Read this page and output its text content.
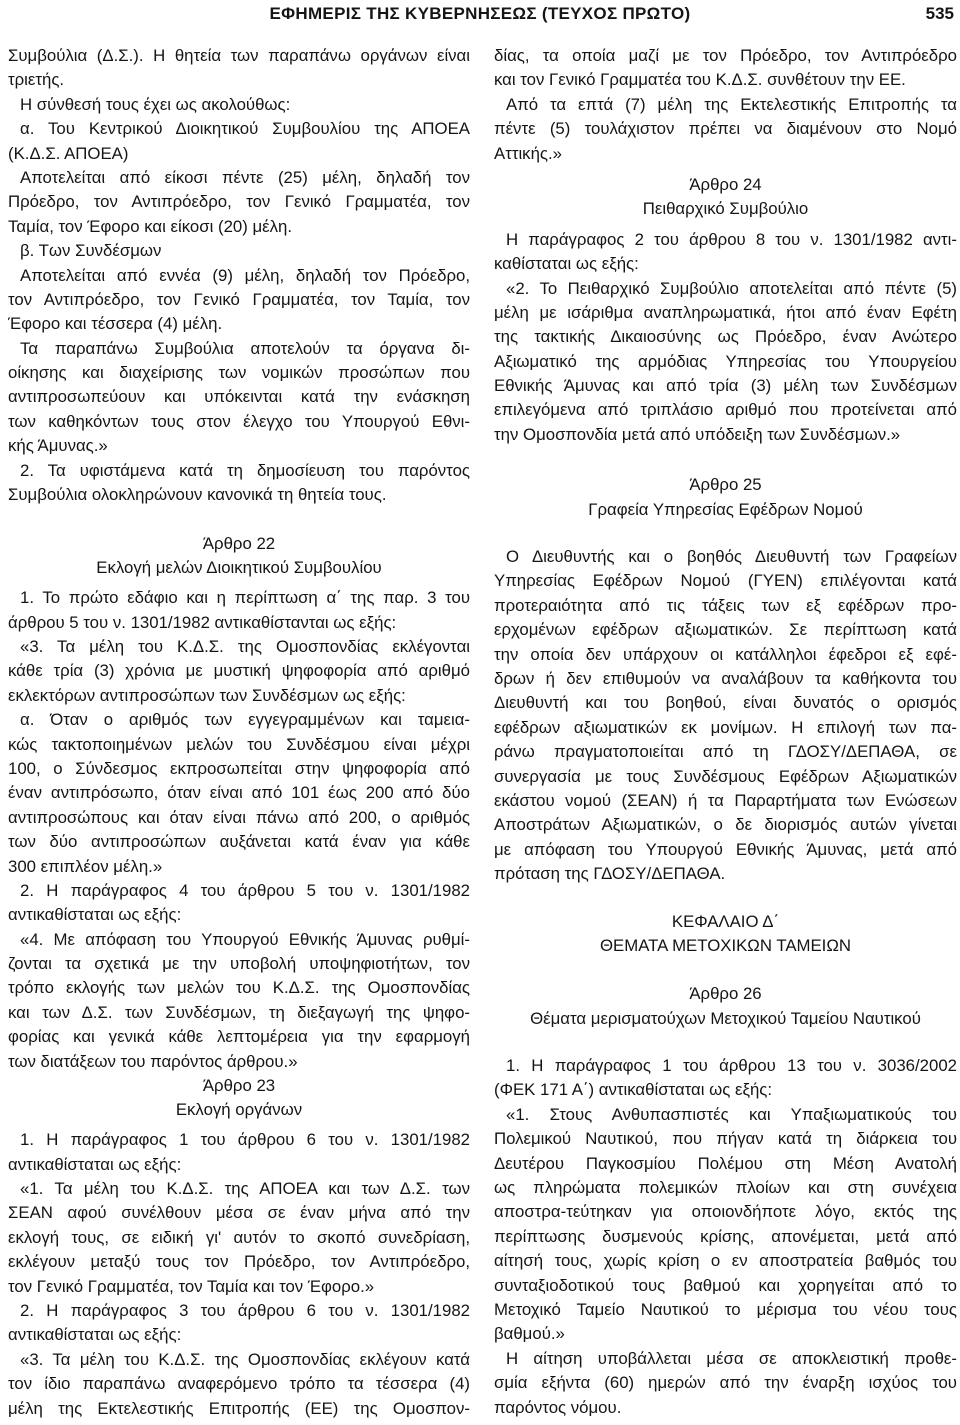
ΕΦΗΜΕΡΙΣ ΤΗΣ ΚΥΒΕΡΝΗΣΕΩΣ (ΤΕΥΧΟΣ ΠΡΩΤΟ)	535
Συμβούλια (Δ.Σ.). Η θητεία των παραπάνω οργάνων είναι
τριετής.
Η σύνθεσή τους έχει ως ακολούθως:
α. Του Κεντρικού Διοικητικού Συμβουλίου της ΑΠΟΕΑ
(Κ.Δ.Σ. ΑΠΟΕΑ)
Αποτελείται από είκοσι πέντε (25) μέλη, δηλαδή τον
Πρόεδρο, τον Αντιπρόεδρο, τον Γενικό Γραμματέα, τον
Ταμία, τον Έφορο και είκοσι (20) μέλη.
β. Των Συνδέσμων
Αποτελείται από εννέα (9) μέλη, δηλαδή τον Πρόεδρο,
τον Αντιπρόεδρο, τον Γενικό Γραμματέα, τον Ταμία, τον
Έφορο και τέσσερα (4) μέλη.
Τα παραπάνω Συμβούλια αποτελούν τα όργανα δι-
οίκησης και διαχείρισης των νομικών προσώπων που
αντιπροσωπεύουν και υπόκεινται κατά την ενάσκηση
των καθηκόντων τους στον έλεγχο του Υπουργού Εθνι-
κής Άμυνας.»
2. Τα υφιστάμενα κατά τη δημοσίευση του παρόντος
Συμβούλια ολοκληρώνουν κανονικά τη θητεία τους.
Άρθρο 22
Εκλογή μελών Διοικητικού Συμβουλίου
1. Το πρώτο εδάφιο και η περίπτωση α΄ της παρ. 3 του
άρθρου 5 του ν. 1301/1982 αντικαθίστανται ως εξής:
«3. Τα μέλη του Κ.Δ.Σ. της Ομοσπονδίας εκλέγονται
κάθε τρία (3) χρόνια με μυστική ψηφοφορία από αριθμό
εκλεκτόρων αντιπροσώπων των Συνδέσμων ως εξής:
α. Όταν ο αριθμός των εγγεγραμμένων και ταμεια-
κώς τακτοποιημένων μελών του Συνδέσμου είναι μέχρι
100, ο Σύνδεσμος εκπροσωπείται στην ψηφοφορία από
έναν αντιπρόσωπο, όταν είναι από 101 έως 200 από δύο
αντιπροσώπους και όταν είναι πάνω από 200, ο αριθμός
των δύο αντιπροσώπων αυξάνεται κατά έναν για κάθε
300 επιπλέον μέλη.»
2. Η παράγραφος 4 του άρθρου 5 του ν. 1301/1982
αντικαθίσταται ως εξής:
«4. Με απόφαση του Υπουργού Εθνικής Άμυνας ρυθμί-
ζονται τα σχετικά με την υποβολή υποψηφιοτήτων, τον
τρόπο εκλογής των μελών του Κ.Δ.Σ. της Ομοσπονδίας
και των Δ.Σ. των Συνδέσμων, τη διεξαγωγή της ψηφο-
φορίας και γενικά κάθε λεπτομέρεια για την εφαρμογή
των διατάξεων του παρόντος άρθρου.»
Άρθρο 23
Εκλογή οργάνων
1. Η παράγραφος 1 του άρθρου 6 του ν. 1301/1982
αντικαθίσταται ως εξής:
«1. Τα μέλη του Κ.Δ.Σ. της ΑΠΟΕΑ και των Δ.Σ. των
ΣΕΑΝ αφού συνέλθουν μέσα σε έναν μήνα από την
εκλογή τους, σε ειδική γι' αυτόν το σκοπό συνεδρίαση,
εκλέγουν μεταξύ τους τον Πρόεδρο, τον Αντιπρόεδρο,
τον Γενικό Γραμματέα, τον Ταμία και τον Έφορο.»
2. Η παράγραφος 3 του άρθρου 6 του ν. 1301/1982
αντικαθίσταται ως εξής:
«3. Τα μέλη του Κ.Δ.Σ. της Ομοσπονδίας εκλέγουν κατά
τον ίδιο παραπάνω αναφερόμενο τρόπο τα τέσσερα (4)
μέλη της Εκτελεστικής Επιτροπής (ΕΕ) της Ομοσπον-
δίας, τα οποία μαζί με τον Πρόεδρο, τον Αντιπρόεδρο
και τον Γενικό Γραμματέα του Κ.Δ.Σ. συνθέτουν την ΕΕ.
Από τα επτά (7) μέλη της Εκτελεστικής Επιτροπής τα
πέντε (5) τουλάχιστον πρέπει να διαμένουν στο Νομό
Αττικής.»
Άρθρο 24
Πειθαρχικό Συμβούλιο
Η παράγραφος 2 του άρθρου 8 του ν. 1301/1982 αντι-
καθίσταται ως εξής:
«2. Το Πειθαρχικό Συμβούλιο αποτελείται από πέντε (5)
μέλη με ισάριθμα αναπληρωματικά, ήτοι από έναν Εφέτη
της τακτικής Δικαιοσύνης ως Πρόεδρο, έναν Ανώτερο
Αξιωματικό της αρμόδιας Υπηρεσίας του Υπουργείου
Εθνικής Άμυνας και από τρία (3) μέλη των Συνδέσμων
επιλεγόμενα από τριπλάσιο αριθμό που προτείνεται από
την Ομοσπονδία μετά από υπόδειξη των Συνδέσμων.»
Άρθρο 25
Γραφεία Υπηρεσίας Εφέδρων Νομού
Ο Διευθυντής και ο βοηθός Διευθυντή των Γραφείων
Υπηρεσίας Εφέδρων Νομού (ΓΥΕΝ) επιλέγονται κατά
προτεραιότητα από τις τάξεις των εξ εφέδρων προ-
ερχομένων εφέδρων αξιωματικών. Σε περίπτωση κατά
την οποία δεν υπάρχουν οι κατάλληλοι έφεδροι εξ εφέ-
δρων ή δεν επιθυμούν να αναλάβουν τα καθήκοντα του
Διευθυντή και του βοηθού, είναι δυνατός ο ορισμός
εφέδρων αξιωματικών εκ μονίμων. Η επιλογή των πα-
ράνω πραγματοποιείται από τη ΓΔΟΣΥ/ΔΕΠΑΘΑ, σε
συνεργασία με τους Συνδέσμους Εφέδρων Αξιωματικών
εκάστου νομού (ΣΕΑΝ) ή τα Παραρτήματα των Ενώσεων
Αποστράτων Αξιωματικών, ο δε διορισμός αυτών γίνεται
με απόφαση του Υπουργού Εθνικής Άμυνας, μετά από
πρόταση της ΓΔΟΣΥ/ΔΕΠΑΘΑ.
ΚΕΦΑΛΑΙΟ Δ΄
ΘΕΜΑΤΑ ΜΕΤΟΧΙΚΩΝ ΤΑΜΕΙΩΝ
Άρθρο 26
Θέματα μερισματούχων Μετοχικού Ταμείου Ναυτικού
1. Η παράγραφος 1 του άρθρου 13 του ν. 3036/2002
(ΦΕΚ 171 Α΄) αντικαθίσταται ως εξής:
«1. Στους Ανθυπασπιστές και Υπαξιωματικούς του
Πολεμικού Ναυτικού, που πήγαν κατά τη διάρκεια του
Δευτέρου Παγκοσμίου Πολέμου στη Μέση Ανατολή
ως πληρώματα πολεμικών πλοίων και στη συνέχεια
αποστρα-τεύτηκαν για οποιονδήποτε λόγο, εκτός της
περίπτωσης δυσμενούς κρίσης, απονέμεται, μετά από
αίτησή τους, χωρίς κρίση ο εν αποστρατεία βαθμός του
συνταξιοδοτικού τους βαθμού και χορηγείται από το
Μετοχικό Ταμείο Ναυτικού το μέρισμα του νέου τους
βαθμού.»
Η αίτηση υποβάλλεται μέσα σε αποκλειστική προθε-
σμία εξήντα (60) ημερών από την έναρξη ισχύος του
παρόντος νόμου.
